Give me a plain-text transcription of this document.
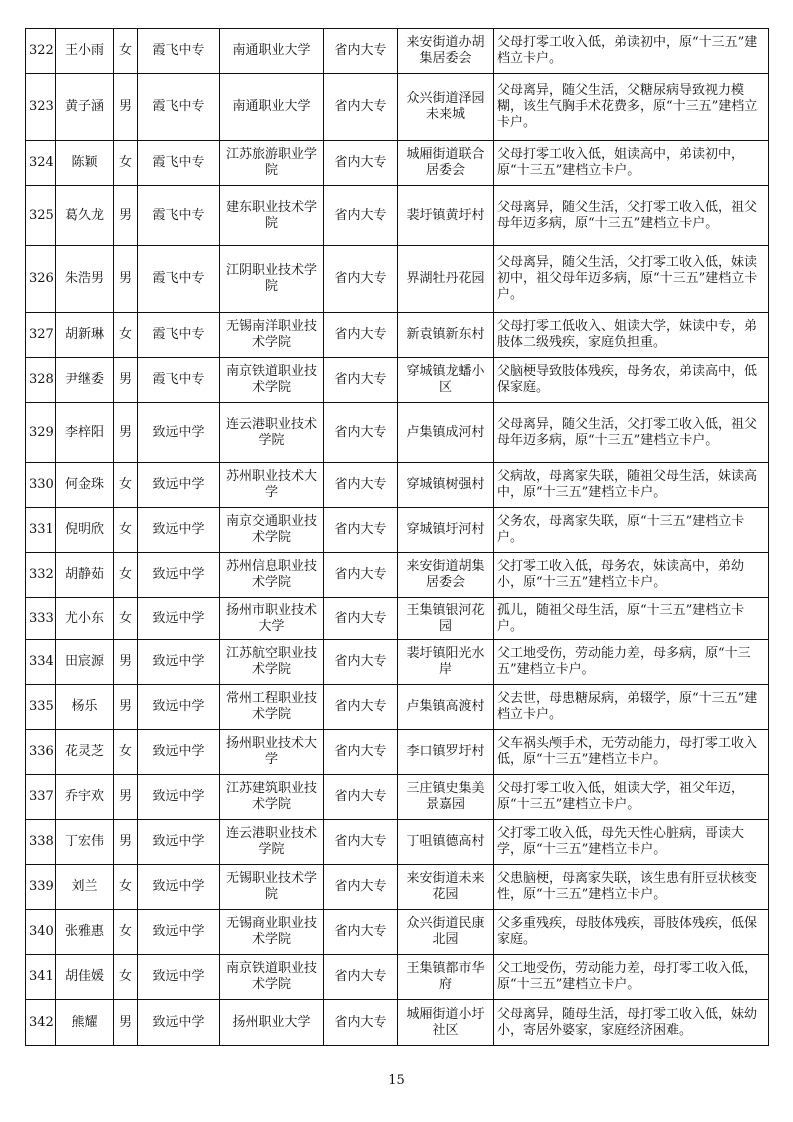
322	王小雨	女	霞飞中专	南通职业大学	省内大专	来安街道办胡集居委会	父母打零工收入低，弟读初中，原“十三五”建档立卡户。
323	黄子涵	男	霞飞中专	南通职业大学	省内大专	众兴街道泽园未来城	父母离异，随父生活，父糖尿病导致视力模糊，该生气胸手术花费多，原“十三五”建档立卡户。
324	陈颖	女	霞飞中专	江苏旅游职业学院	省内大专	城厢街道联合居委会	父母打零工收入低，姐读高中，弟读初中，原“十三五”建档立卡户。
325	葛久龙	男	霞飞中专	建东职业技术学院	省内大专	裴圩镇黄圩村	父母离异，随父生活，父打零工收入低，祖父母年迈多病，原“十三五”建档立卡户。
326	朱浩男	男	霞飞中专	江阴职业技术学院	省内大专	界湖牡丹花园	父母离异，随父生活，父打零工收入低，妹读初中，祖父母年迈多病，原“十三五”建档立卡户。
327	胡新琳	女	霞飞中专	无锡南洋职业技术学院	省内大专	新袁镇新东村	父母打零工低收入、姐读大学，妹读中专，弟肢体二级残疾，家庭负担重。
328	尹继委	男	霞飞中专	南京铁道职业技术学院	省内大专	穿城镇龙蟠小区	父脑梗导致肢体残疾，母务农，弟读高中，低保家庭。
329	李梓阳	男	致远中学	连云港职业技术学院	省内大专	卢集镇成河村	父母离异，随父生活，父打零工收入低，祖父母年迈多病，原“十三五”建档立卡户。
330	何金珠	女	致远中学	苏州职业技术大学	省内大专	穿城镇树强村	父病故，母离家失联，随祖父母生活，妹读高中，原“十三五”建档立卡户。
331	倪明欣	女	致远中学	南京交通职业技术学院	省内大专	穿城镇圩河村	父务农，母离家失联，原“十三五”建档立卡户。
332	胡静茹	女	致远中学	苏州信息职业技术学院	省内大专	来安街道胡集居委会	父打零工收入低，母务农，妹读高中，弟幼小，原“十三五”建档立卡户。
333	尤小东	女	致远中学	扬州市职业技术大学	省内大专	王集镇银河花园	孤儿，随祖父母生活，原“十三五”建档立卡户。
334	田宸源	男	致远中学	江苏航空职业技术学院	省内大专	裴圩镇阳光水岸	父工地受伤，劳动能力差，母多病，原“十三五”建档立卡户。
335	杨乐	男	致远中学	常州工程职业技术学院	省内大专	卢集镇高渡村	父去世，母患糖尿病，弟辍学，原“十三五”建档立卡户。
336	花灵芝	女	致远中学	扬州职业技术大学	省内大专	李口镇罗圩村	父车祸头颅手术，无劳动能力，母打零工收入低，原“十三五”建档立卡户。
337	乔宇欢	男	致远中学	江苏建筑职业技术学院	省内大专	三庄镇史集美景嘉园	父母打零工收入低，姐读大学，祖父年迈，原“十三五”建档立卡户。
338	丁宏伟	男	致远中学	连云港职业技术学院	省内大专	丁咀镇德高村	父打零工收入低，母先天性心脏病，哥读大学，原“十三五”建档立卡户。
339	刘兰	女	致远中学	无锡职业技术学院	省内大专	来安街道未来花园	父患脑梗，母离家失联，该生患有肝豆状核变性，原“十三五”建档立卡户。
340	张雅惠	女	致远中学	无锡商业职业技术学院	省内大专	众兴街道民康北园	父多重残疾，母肢体残疾，哥肢体残疾，低保家庭。
341	胡佳媛	女	致远中学	南京铁道职业技术学院	省内大专	王集镇都市华府	父工地受伤，劳动能力差，母打零工收入低，原“十三五”建档立卡户。
342	熊耀	男	致远中学	扬州职业大学	省内大专	城厢街道小圩社区	父母离异，随母生活，母打零工收入低，妹幼小，寄居外婆家，家庭经济困难。
15
